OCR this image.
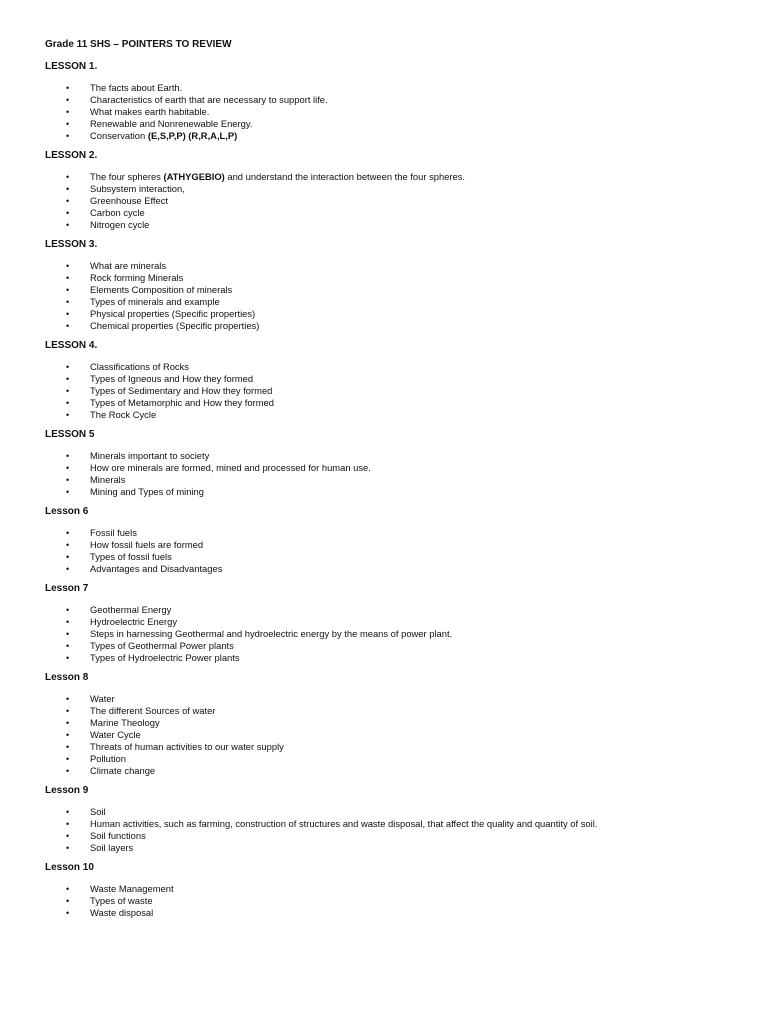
Grade 11 SHS – POINTERS TO REVIEW
LESSON 1.
• The facts about Earth.
• Characteristics of earth that are necessary to support life.
• What makes earth habitable.
• Renewable and Nonrenewable Energy.
• Conservation (E,S,P,P) (R,R,A,L,P)
LESSON 2.
• The four spheres (ATHYGEBIO) and understand the interaction between the four spheres.
• Subsystem interaction,
• Greenhouse Effect
• Carbon cycle
• Nitrogen cycle
LESSON 3.
• What are minerals
• Rock forming Minerals
• Elements Composition of minerals
• Types of minerals and example
• Physical properties (Specific properties)
• Chemical properties (Specific properties)
LESSON 4.
• Classifications of Rocks
• Types of Igneous and How they formed
• Types of Sedimentary and How they formed
• Types of Metamorphic and How they formed
• The Rock Cycle
LESSON 5
• Minerals important to society
• How ore minerals are formed, mined and processed for human use.
• Minerals
• Mining and Types of mining
Lesson 6
• Fossil fuels
• How fossil fuels are formed
• Types of fossil fuels
• Advantages and Disadvantages
Lesson 7
• Geothermal Energy
• Hydroelectric Energy
• Steps in harnessing Geothermal and hydroelectric energy by the means of power plant.
• Types of Geothermal Power plants
• Types of Hydroelectric Power plants
Lesson 8
• Water
• The different Sources of water
• Marine Theology
• Water Cycle
• Threats of human activities to our water supply
• Pollution
• Climate change
Lesson 9
• Soil
• Human activities, such as farming, construction of structures and waste disposal, that affect the quality and quantity of soil.
• Soil functions
• Soil layers
Lesson 10
• Waste Management
• Types of waste
• Waste disposal
